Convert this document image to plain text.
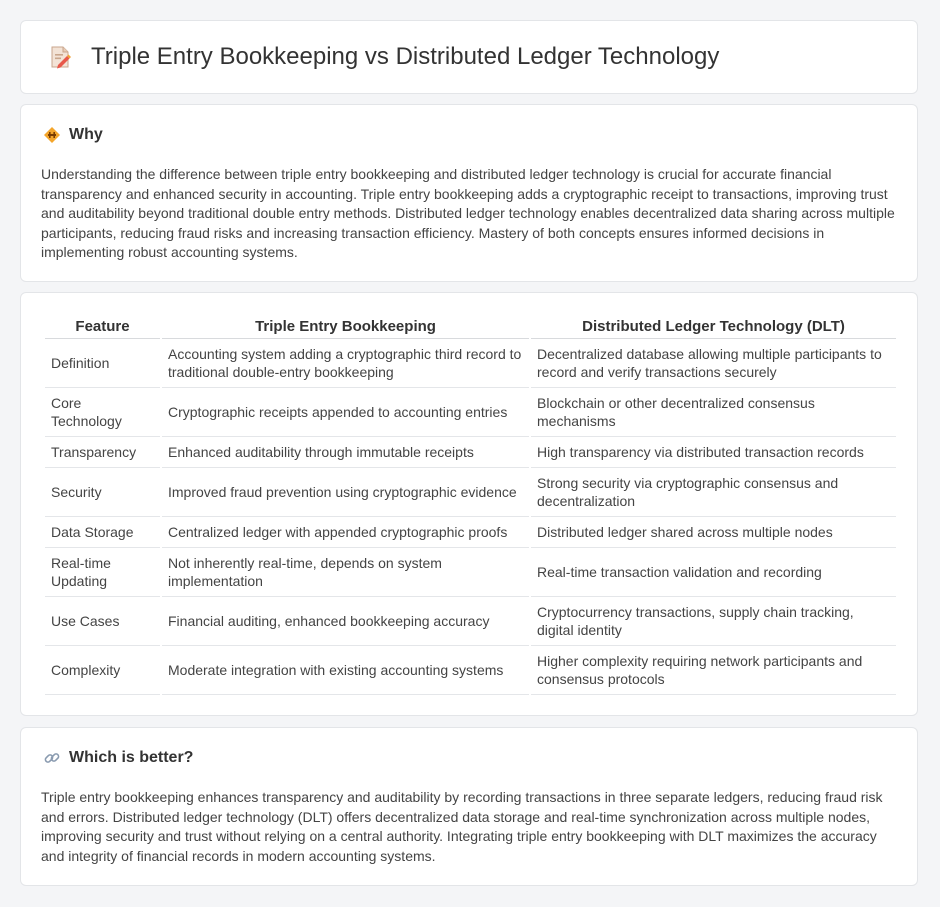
Triple Entry Bookkeeping vs Distributed Ledger Technology
Why

Understanding the difference between triple entry bookkeeping and distributed ledger technology is crucial for accurate financial transparency and enhanced security in accounting. Triple entry bookkeeping adds a cryptographic receipt to transactions, improving trust and auditability beyond traditional double entry methods. Distributed ledger technology enables decentralized data sharing across multiple participants, reducing fraud risks and increasing transaction efficiency. Mastery of both concepts ensures informed decisions in implementing robust accounting systems.

Feature	Triple Entry Bookkeeping	Distributed Ledger Technology (DLT)
Definition	Accounting system adding a cryptographic third record to traditional double-entry bookkeeping	Decentralized database allowing multiple participants to record and verify transactions securely
Core Technology	Cryptographic receipts appended to accounting entries	Blockchain or other decentralized consensus mechanisms
Transparency	Enhanced auditability through immutable receipts	High transparency via distributed transaction records
Security	Improved fraud prevention using cryptographic evidence	Strong security via cryptographic consensus and decentralization
Data Storage	Centralized ledger with appended cryptographic proofs	Distributed ledger shared across multiple nodes
Real-time Updating	Not inherently real-time, depends on system implementation	Real-time transaction validation and recording
Use Cases	Financial auditing, enhanced bookkeeping accuracy	Cryptocurrency transactions, supply chain tracking, digital identity
Complexity	Moderate integration with existing accounting systems	Higher complexity requiring network participants and consensus protocols
Which is better?

Triple entry bookkeeping enhances transparency and auditability by recording transactions in three separate ledgers, reducing fraud risk and errors. Distributed ledger technology (DLT) offers decentralized data storage and real-time synchronization across multiple nodes, improving security and trust without relying on a central authority. Integrating triple entry bookkeeping with DLT maximizes the accuracy and integrity of financial records in modern accounting systems.
